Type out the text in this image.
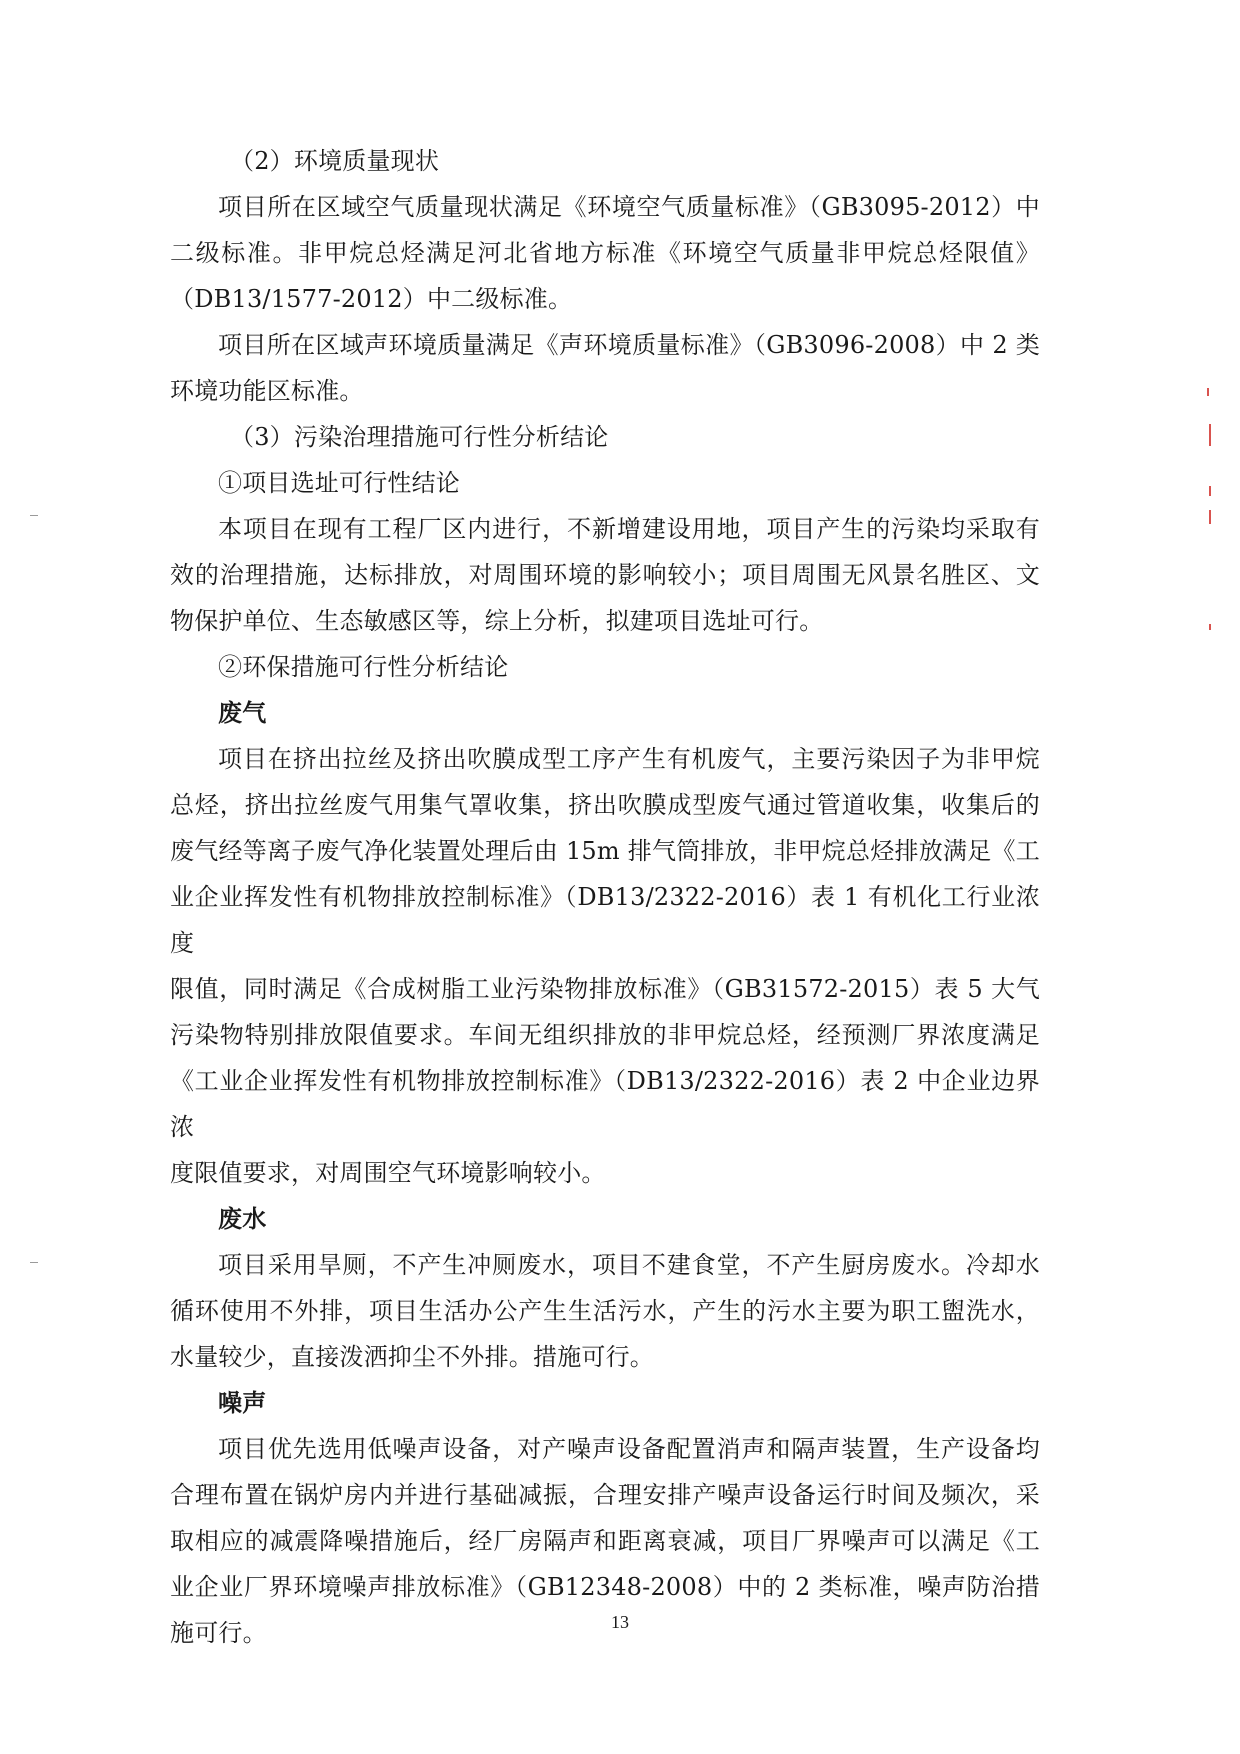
（2）环境质量现状
项目所在区域空气质量现状满足《环境空气质量标准》（GB3095-2012）中
二级标准。非甲烷总烃满足河北省地方标准《环境空气质量非甲烷总烃限值》
（DB13/1577-2012）中二级标准。
项目所在区域声环境质量满足《声环境质量标准》（GB3096-2008）中 2 类
环境功能区标准。
（3）污染治理措施可行性分析结论
①项目选址可行性结论
本项目在现有工程厂区内进行，不新增建设用地，项目产生的污染均采取有
效的治理措施，达标排放，对周围环境的影响较小；项目周围无风景名胜区、文
物保护单位、生态敏感区等，综上分析，拟建项目选址可行。
②环保措施可行性分析结论
废气
项目在挤出拉丝及挤出吹膜成型工序产生有机废气，主要污染因子为非甲烷
总烃，挤出拉丝废气用集气罩收集，挤出吹膜成型废气通过管道收集，收集后的
废气经等离子废气净化装置处理后由 15m 排气筒排放，非甲烷总烃排放满足《工
业企业挥发性有机物排放控制标准》（DB13/2322-2016）表 1 有机化工行业浓度
限值，同时满足《合成树脂工业污染物排放标准》（GB31572-2015）表 5 大气
污染物特别排放限值要求。车间无组织排放的非甲烷总烃，经预测厂界浓度满足
《工业企业挥发性有机物排放控制标准》（DB13/2322-2016）表 2 中企业边界浓
度限值要求，对周围空气环境影响较小。
废水
项目采用旱厕，不产生冲厕废水，项目不建食堂，不产生厨房废水。冷却水
循环使用不外排，项目生活办公产生生活污水，产生的污水主要为职工盥洗水，
水量较少，直接泼洒抑尘不外排。措施可行。
噪声
项目优先选用低噪声设备，对产噪声设备配置消声和隔声装置，生产设备均
合理布置在锅炉房内并进行基础减振，合理安排产噪声设备运行时间及频次，采
取相应的减震降噪措施后，经厂房隔声和距离衰减，项目厂界噪声可以满足《工
业企业厂界环境噪声排放标准》（GB12348-2008）中的 2 类标准，噪声防治措
施可行。	13
